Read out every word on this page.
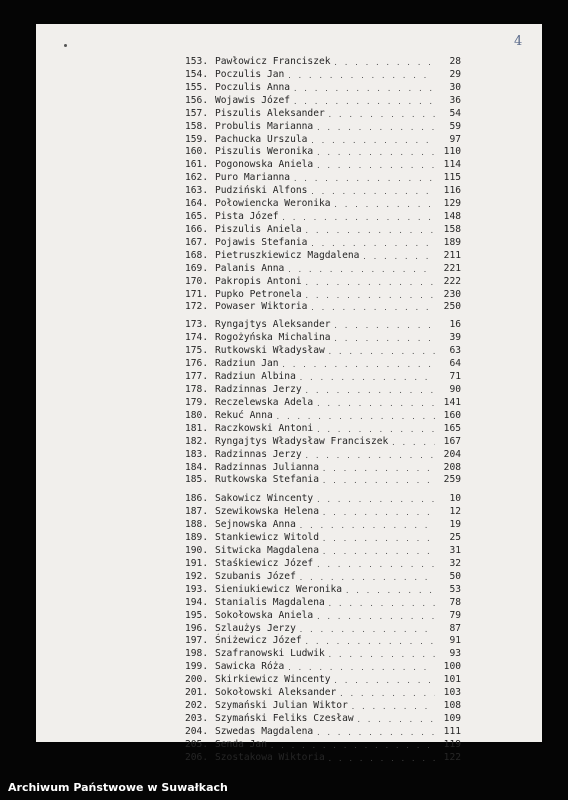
4
153. Pawłowicz Franciszek . . .	28
154. Poczulis Jan . . .	29
155. Poczulis Anna . . .	30
156. Wojawis Józef . . .	36
157. Piszulis Aleksander . . .	54
158. Probulis Marianna . . .	59
159. Pachucka Urszula . . .	97
160. Piszulis Weronika . . .	110
161. Pogonowska Aniela . . .	114
162. Puro Marianna . . .	115
163. Pudziński Alfons . . .	116
164. Połowiencka Weronika . . .	129
165. Pista Józef . . .	148
166. Piszulis Aniela . . .	158
167. Pojawis Stefania . . .	189
168. Pietruszkiewicz Magdalena . . .	211
169. Palanis Anna . . .	221
170. Pakropis Antoni . . .	222
171. Pupko Petronela . . .	230
172. Powaser Wiktoria . . .	250
173. Ryngajtys Aleksander . . .	16
174. Rogożyńska Michalina . . .	39
175. Rutkowski Władysław . . .	63
176. Radziun Jan . . .	64
177. Radziun Albina . . .	71
178. Radzinnas Jerzy . . .	90
179. Reczelewska Adela . . .	141
180. Rekuć Anna . . .	160
181. Raczkowski Antoni . . .	165
182. Ryngajtys Władysław Franciszek . . .	167
183. Radzinnas Jerzy . . .	204
184. Radzinnas Julianna . . .	208
185. Rutkowska Stefania . . .	259
186. Sakowicz Wincenty . . .	10
187. Szewikowska Helena . . .	12
188. Sejnowska Anna . . .	19
189. Stankiewicz Witold . . .	25
190. Sitwicka Magdalena . . .	31
191. Staśkiewicz Józef . . .	32
192. Szubanis Józef . . .	50
193. Sieniukiewicz Weronika . . .	53
194. Stanialis Magdalena . . .	78
195. Sokołowska Aniela . . .	79
196. Szlaużys Jerzy . . .	87
197. Śniżewicz Józef . . .	91
198. Szafranowski Ludwik . . .	93
199. Sawicka Róża . . .	100
200. Skirkiewicz Wincenty . . .	101
201. Sokołowski Aleksander . . .	103
202. Szymański Julian Wiktor . . .	108
203. Szymański Feliks Czesław . . .	109
204. Szwedas Magdalena . . .	111
205. Senda Jan . . .	119
206. Szostakowa Wiktoria . . .	122
Archiwum Państwowe w Suwałkach
